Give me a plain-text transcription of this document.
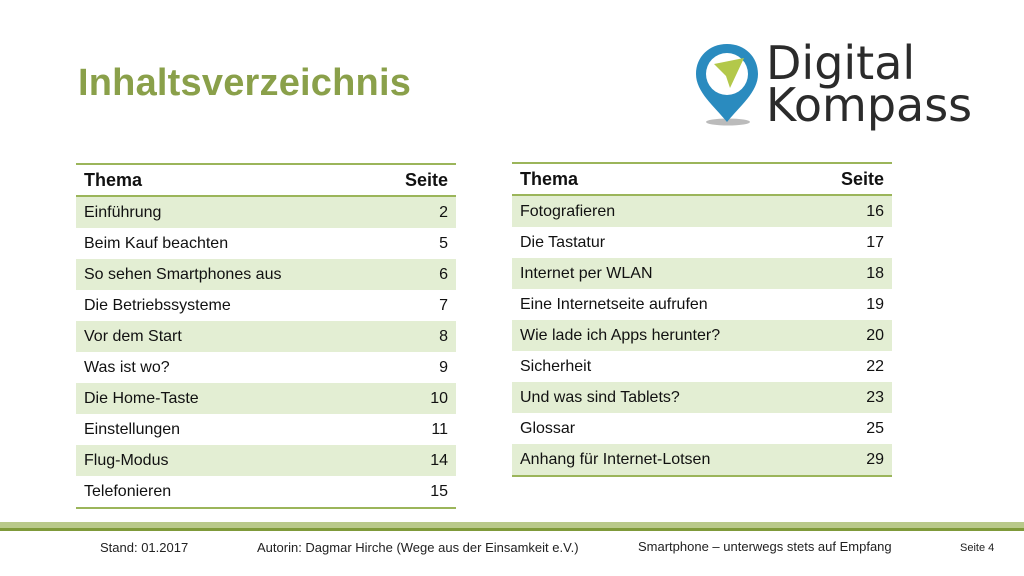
Inhaltsverzeichnis	Digital
Kompass
Thema	Seite
Einführung	2
Beim Kauf beachten	5
So sehen Smartphones aus	6
Die Betriebssysteme	7
Vor dem Start	8
Was ist wo?	9
Die Home-Taste	10
Einstellungen	11
Flug-Modus	14
Telefonieren	15
Thema	Seite
Fotografieren	16
Die Tastatur	17
Internet per WLAN	18
Eine Internetseite aufrufen	19
Wie lade ich Apps herunter?	20
Sicherheit	22
Und was sind Tablets?	23
Glossar	25
Anhang für Internet-Lotsen	29
Stand: 01.2017	Autorin: Dagmar Hirche (Wege aus der Einsamkeit e.V.)	Smartphone – unterwegs stets auf Empfang	Seite 4
